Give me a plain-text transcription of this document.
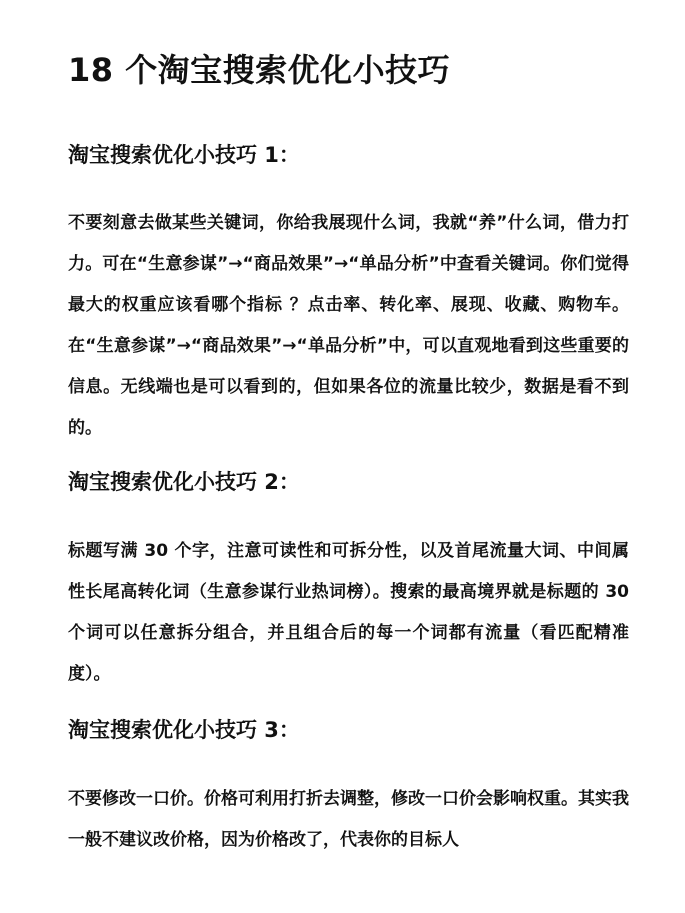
18 个淘宝搜索优化小技巧
淘宝搜索优化小技巧 1：

不要刻意去做某些关键词，你给我展现什么词，我就“养”什么词，借力打力。可在“生意参谋”→“商品效果”→“单品分析”中查看关键词。你们觉得最大的权重应该看哪个指标 ？点击率、转化率、展现、收藏、购物车。在“生意参谋”→“商品效果”→“单品分析”中，可以直观地看到这些重要的信息。无线端也是可以看到的，但如果各位的流量比较少，数据是看不到的。

淘宝搜索优化小技巧 2：

标题写满 30 个字，注意可读性和可拆分性，以及首尾流量大词、中间属性长尾高转化词（生意参谋行业热词榜）。搜索的最高境界就是标题的 30 个词可以任意拆分组合，并且组合后的每一个词都有流量（看匹配精准度）。

淘宝搜索优化小技巧 3：

不要修改一口价。价格可利用打折去调整，修改一口价会影响权重。其实我一般不建议改价格，因为价格改了，代表你的目标人
